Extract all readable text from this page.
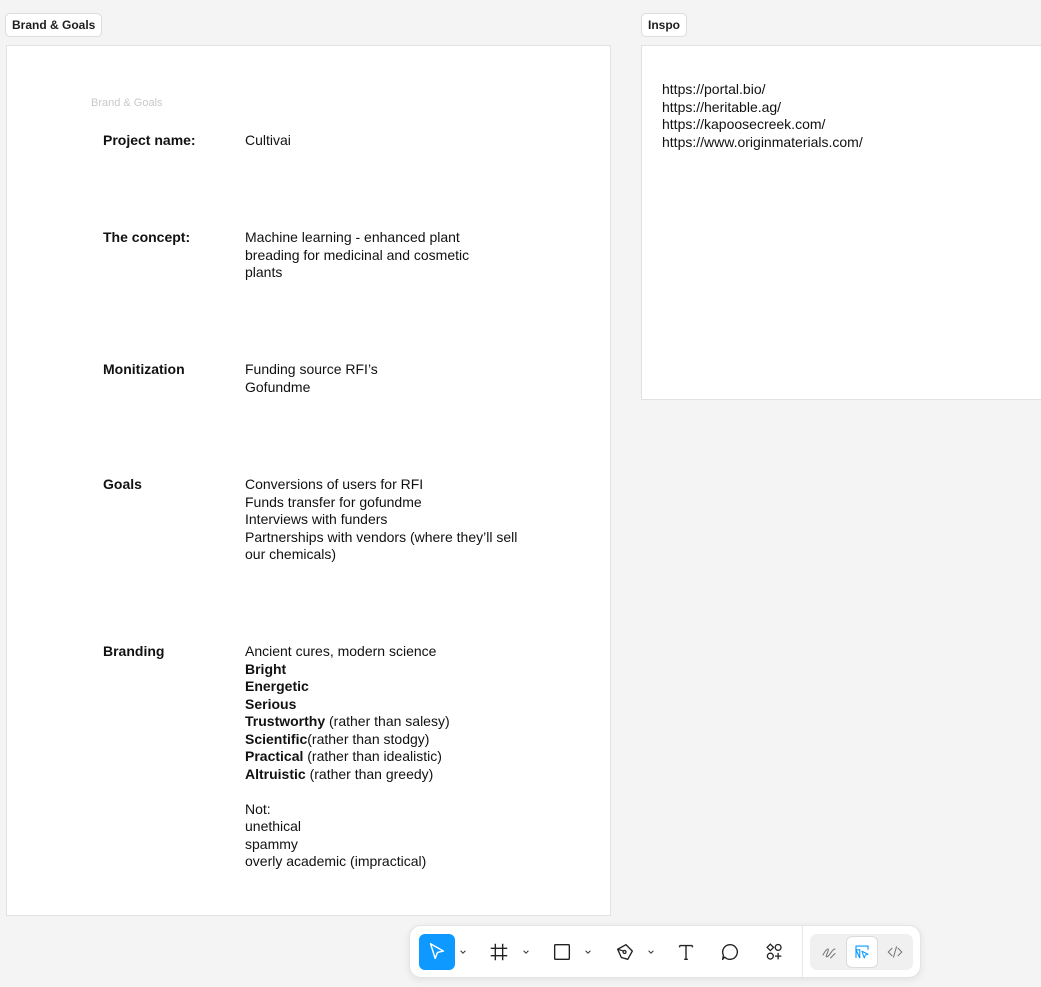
Brand & Goals	Inspo
Brand & Goals
Project name:	Cultivai
The concept:	Machine learning - enhanced plant breading for medicinal and cosmetic plants
Monitization	Funding source RFI’s
Gofundme
Goals	Conversions of users for RFI
Funds transfer for gofundme
Interviews with funders
Partnerships with vendors (where they’ll sell our chemicals)
Branding	Ancient cures, modern science
Bright
Energetic
Serious
Trustworthy (rather than salesy)
Scientific(rather than stodgy)
Practical (rather than idealistic)
Altruistic (rather than greedy)
Not:
unethical
spammy
overly academic (impractical)
https://portal.bio/
https://heritable.ag/
https://kapoosecreek.com/
https://www.originmaterials.com/
